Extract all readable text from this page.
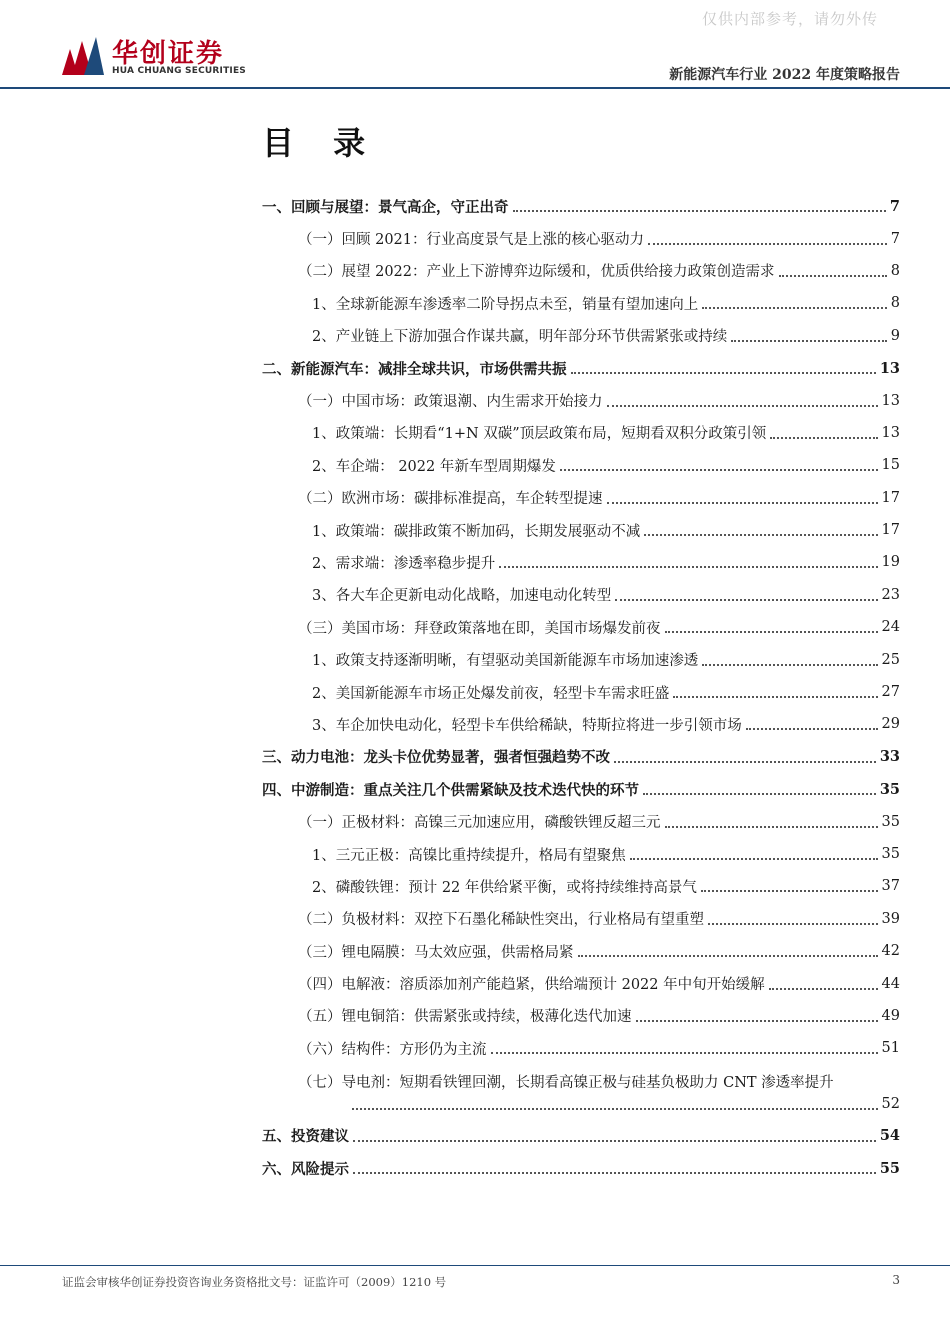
仅供内部参考，请勿外传
华创证券
HUA CHUANG SECURITIES	新能源汽车行业 2022 年度策略报告
目 录
一、回顾与展望：景气高企，守正出奇	7
（一）回顾 2021：行业高度景气是上涨的核心驱动力	7
（二）展望 2022：产业上下游博弈边际缓和，优质供给接力政策创造需求	8
1、全球新能源车渗透率二阶导拐点未至，销量有望加速向上	8
2、产业链上下游加强合作谋共赢，明年部分环节供需紧张或持续	9
二、新能源汽车：减排全球共识，市场供需共振	13
（一）中国市场：政策退潮、内生需求开始接力	13
1、政策端：长期看“1+N 双碳”顶层政策布局，短期看双积分政策引领	13
2、车企端： 2022 年新车型周期爆发	15
（二）欧洲市场：碳排标准提高，车企转型提速	17
1、政策端：碳排政策不断加码，长期发展驱动不减	17
2、需求端：渗透率稳步提升	19
3、各大车企更新电动化战略，加速电动化转型	23
（三）美国市场：拜登政策落地在即，美国市场爆发前夜	24
1、政策支持逐渐明晰，有望驱动美国新能源车市场加速渗透	25
2、美国新能源车市场正处爆发前夜，轻型卡车需求旺盛	27
3、车企加快电动化，轻型卡车供给稀缺，特斯拉将进一步引领市场	29
三、动力电池：龙头卡位优势显著，强者恒强趋势不改	33
四、中游制造：重点关注几个供需紧缺及技术迭代快的环节	35
（一）正极材料：高镍三元加速应用，磷酸铁锂反超三元	35
1、三元正极：高镍比重持续提升，格局有望聚焦	35
2、磷酸铁锂：预计 22 年供给紧平衡，或将持续维持高景气	37
（二）负极材料：双控下石墨化稀缺性突出，行业格局有望重塑	39
（三）锂电隔膜：马太效应强，供需格局紧	42
（四）电解液：溶质添加剂产能趋紧，供给端预计 2022 年中旬开始缓解	44
（五）锂电铜箔：供需紧张或持续，极薄化迭代加速	49
（六）结构件：方形仍为主流	51
（七）导电剂：短期看铁锂回潮，长期看高镍正极与硅基负极助力 CNT 渗透率提升
52
五、投资建议	54
六、风险提示	55
证监会审核华创证券投资咨询业务资格批文号：证监许可（2009）1210 号	3
